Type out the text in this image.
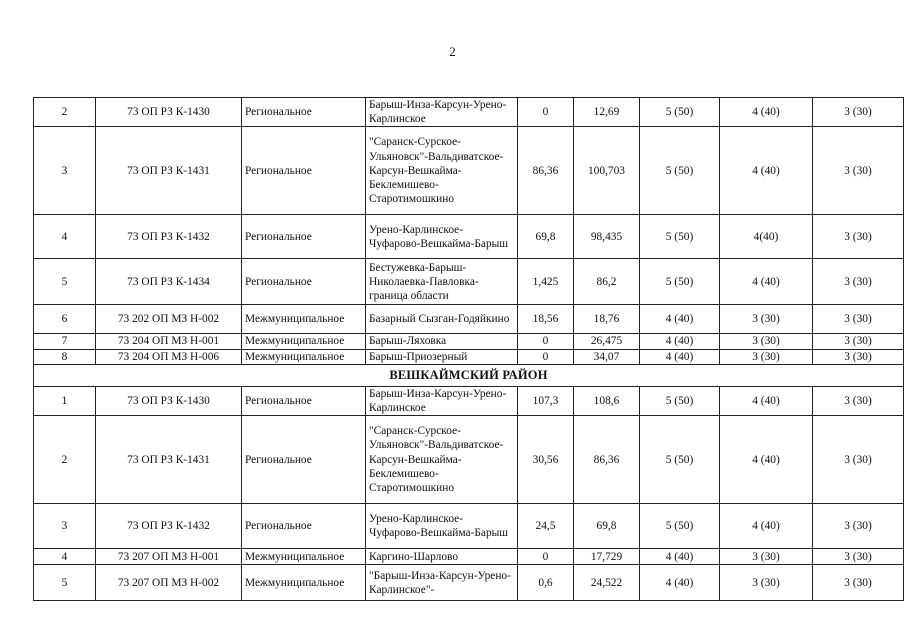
2
2	73 ОП РЗ К-1430	Региональное	Барыш-Инза-Карсун-Урено-Карлинское	0	12,69	5 (50)	4 (40)	3 (30)
3	73 ОП РЗ К-1431	Региональное	"Саранск-Сурское-Ульяновск"-Вальдиватское-Карсун-Вешкайма-Беклемишево-Старотимошкино	86,36	100,703	5 (50)	4 (40)	3 (30)
4	73 ОП РЗ К-1432	Региональное	Урено-Карлинское-Чуфарово-Вешкайма-Барыш	69,8	98,435	5 (50)	4(40)	3 (30)
5	73 ОП РЗ К-1434	Региональное	Бестужевка-Барыш-Николаевка-Павловка-граница области	1,425	86,2	5 (50)	4 (40)	3 (30)
6	73 202 ОП МЗ Н-002	Межмуниципальное	Базарный Сызган-Годяйкино	18,56	18,76	4 (40)	3 (30)	3 (30)
7	73 204 ОП МЗ Н-001	Межмуниципальное	Барыш-Ляховка	0	26,475	4 (40)	3 (30)	3 (30)
8	73 204 ОП МЗ Н-006	Межмуниципальное	Барыш-Приозерный	0	34,07	4 (40)	3 (30)	3 (30)
ВЕШКАЙМСКИЙ РАЙОН								
1	73 ОП РЗ К-1430	Региональное	Барыш-Инза-Карсун-Урено-Карлинское	107,3	108,6	5 (50)	4 (40)	3 (30)
2	73 ОП РЗ К-1431	Региональное	"Саранск-Сурское-Ульяновск"-Вальдиватское-Карсун-Вешкайма-Беклемишево-Старотимошкино	30,56	86,36	5 (50)	4 (40)	3 (30)
3	73 ОП РЗ К-1432	Региональное	Урено-Карлинское-Чуфарово-Вешкайма-Барыш	24,5	69,8	5 (50)	4 (40)	3 (30)
4	73 207 ОП МЗ Н-001	Межмуниципальное	Каргино-Шарлово	0	17,729	4 (40)	3 (30)	3 (30)
5	73 207 ОП МЗ Н-002	Межмуниципальное	"Барыш-Инза-Карсун-Урено-Карлинское"-	0,6	24,522	4 (40)	3 (30)	3 (30)
